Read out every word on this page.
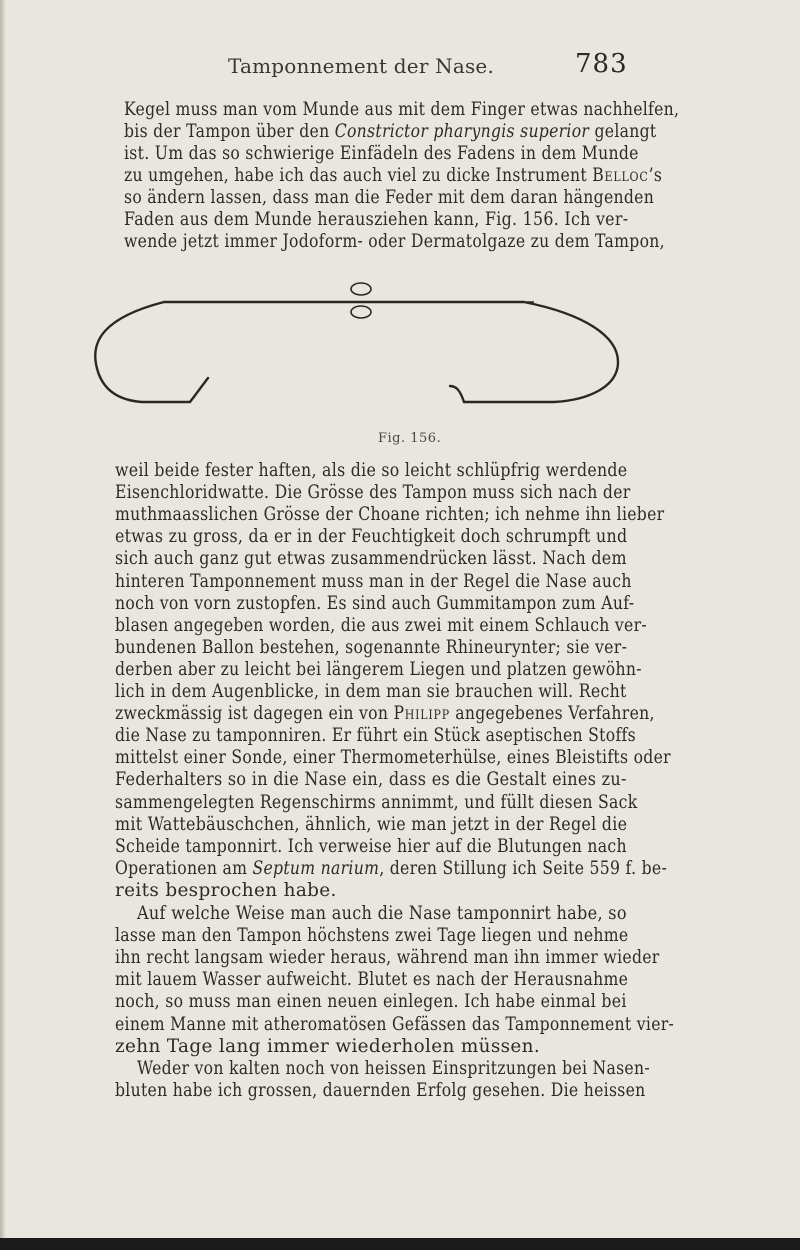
Tamponnement der Nase.	783
Kegel muss man vom Munde aus mit dem Finger etwas nachhelfen,
bis der Tampon über den Constrictor pharyngis superior gelangt
ist. Um das so schwierige Einfädeln des Fadens in dem Munde
zu umgehen, habe ich das auch viel zu dicke Instrument Belloc’s
so ändern lassen, dass man die Feder mit dem daran hängenden
Faden aus dem Munde herausziehen kann, Fig. 156. Ich ver-
wende jetzt immer Jodoform- oder Dermatolgaze zu dem Tampon,
Fig. 156.
weil beide fester haften, als die so leicht schlüpfrig werdende
Eisenchloridwatte. Die Grösse des Tampon muss sich nach der
muthmaasslichen Grösse der Choane richten; ich nehme ihn lieber
etwas zu gross, da er in der Feuchtigkeit doch schrumpft und
sich auch ganz gut etwas zusammendrücken lässt. Nach dem
hinteren Tamponnement muss man in der Regel die Nase auch
noch von vorn zustopfen. Es sind auch Gummitampon zum Auf-
blasen angegeben worden, die aus zwei mit einem Schlauch ver-
bundenen Ballon bestehen, sogenannte Rhineurynter; sie ver-
derben aber zu leicht bei längerem Liegen und platzen gewöhn-
lich in dem Augenblicke, in dem man sie brauchen will. Recht
zweckmässig ist dagegen ein von Philipp angegebenes Verfahren,
die Nase zu tamponniren. Er führt ein Stück aseptischen Stoffs
mittelst einer Sonde, einer Thermometerhülse, eines Bleistifts oder
Federhalters so in die Nase ein, dass es die Gestalt eines zu-
sammengelegten Regenschirms annimmt, und füllt diesen Sack
mit Wattebäuschchen, ähnlich, wie man jetzt in der Regel die
Scheide tamponnirt. Ich verweise hier auf die Blutungen nach
Operationen am Septum narium, deren Stillung ich Seite 559 f. be-
reits besprochen habe.
Auf welche Weise man auch die Nase tamponnirt habe, so
lasse man den Tampon höchstens zwei Tage liegen und nehme
ihn recht langsam wieder heraus, während man ihn immer wieder
mit lauem Wasser aufweicht. Blutet es nach der Herausnahme
noch, so muss man einen neuen einlegen. Ich habe einmal bei
einem Manne mit atheromatösen Gefässen das Tamponnement vier-
zehn Tage lang immer wiederholen müssen.
Weder von kalten noch von heissen Einspritzungen bei Nasen-
bluten habe ich grossen, dauernden Erfolg gesehen. Die heissen
